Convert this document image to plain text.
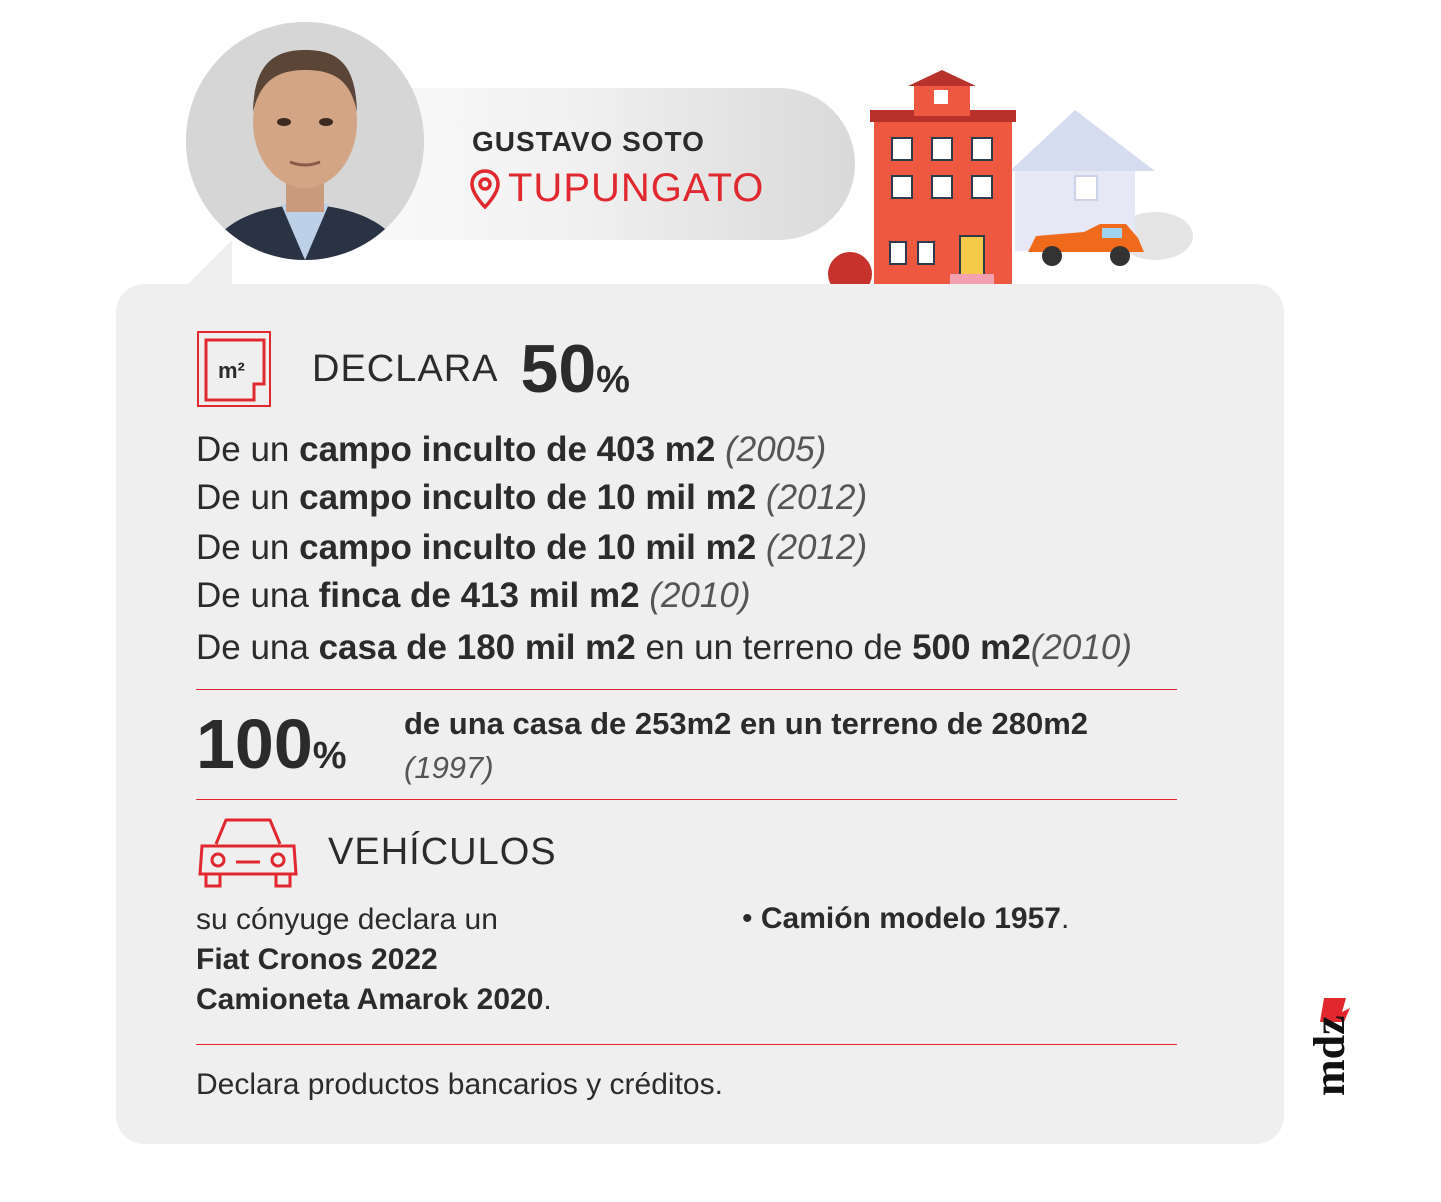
GUSTAVO SOTO
TUPUNGATO
m² DECLARA 50%
De un campo inculto de 403 m2 (2005)
De un campo inculto de 10 mil m2 (2012)
De un campo inculto de 10 mil m2 (2012)
De una finca de 413 mil m2 (2010)
De una casa de 180 mil m2 en un terreno de 500 m2(2010)
100%
de una casa de 253m2 en un terreno de 280m2 (1997)
VEHÍCULOS
su cónyuge declara un
Fiat Cronos 2022
Camioneta Amarok 2020.
• Camión modelo 1957.
Declara productos bancarios y créditos.	mdz
